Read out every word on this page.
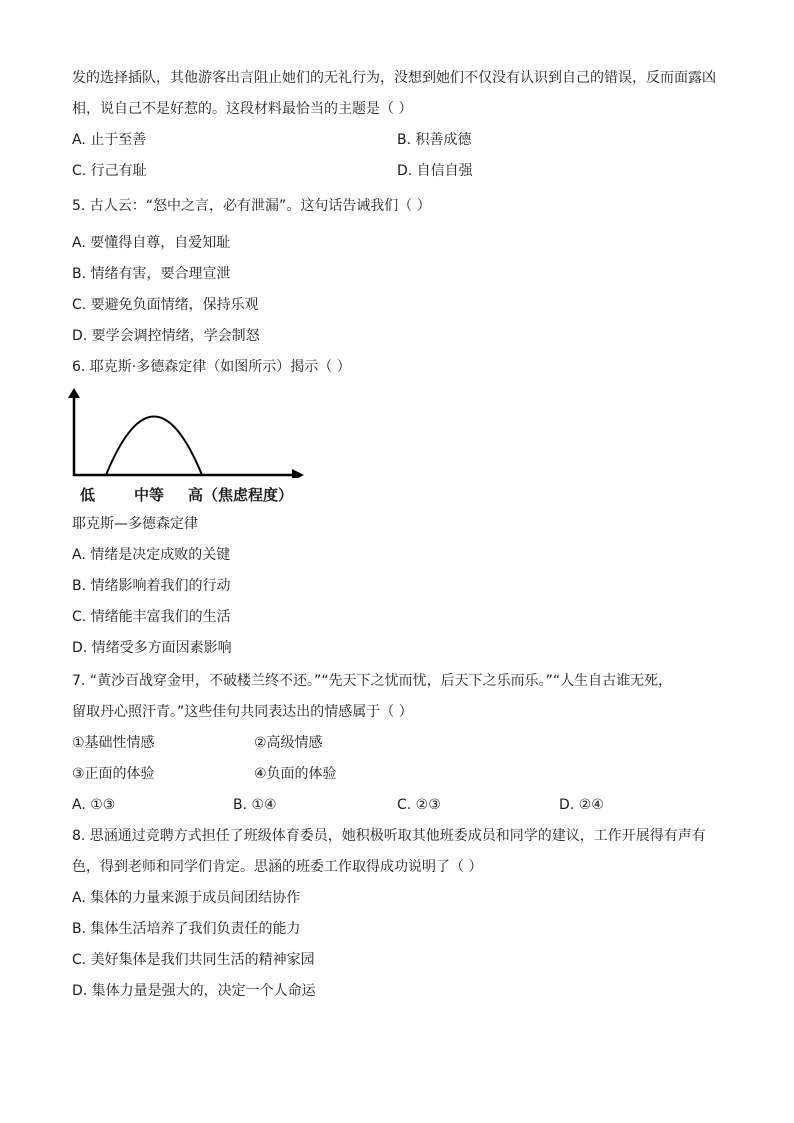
发的选择插队，其他游客出言阻止她们的无礼行为，没想到她们不仅没有认识到自己的错误，反而面露凶
相，说自己不是好惹的。这段材料最恰当的主题是（ ）
A. 止于至善	B. 积善成德
C. 行己有耻	D. 自信自强
5. 古人云：“怒中之言，必有泄漏”。这句话告诫我们（ ）
A. 要懂得自尊，自爱知耻
B. 情绪有害，要合理宣泄
C. 要避免负面情绪，保持乐观
D. 要学会调控情绪，学会制怒
6. 耶克斯·多德森定律（如图所示）揭示（ ）
低	中等 高（焦虑程度）
耶克斯—多德森定律
A. 情绪是决定成败的关键
B. 情绪影响着我们的行动
C. 情绪能丰富我们的生活
D. 情绪受多方面因素影响
7. “黄沙百战穿金甲，不破楼兰终不还。”“先天下之忧而忧，后天下之乐而乐。”“人生自古谁无死，
留取丹心照汗青。”这些佳句共同表达出的情感属于（ ）
①基础性情感	②高级情感
③正面的体验	④负面的体验
A. ①③	B. ①④	C. ②③	D. ②④
8. 思涵通过竞聘方式担任了班级体育委员，她积极听取其他班委成员和同学的建议，工作开展得有声有
色，得到老师和同学们肯定。思涵的班委工作取得成功说明了（ ）
A. 集体的力量来源于成员间团结协作
B. 集体生活培养了我们负责任的能力
C. 美好集体是我们共同生活的精神家园
D. 集体力量是强大的，决定一个人命运
